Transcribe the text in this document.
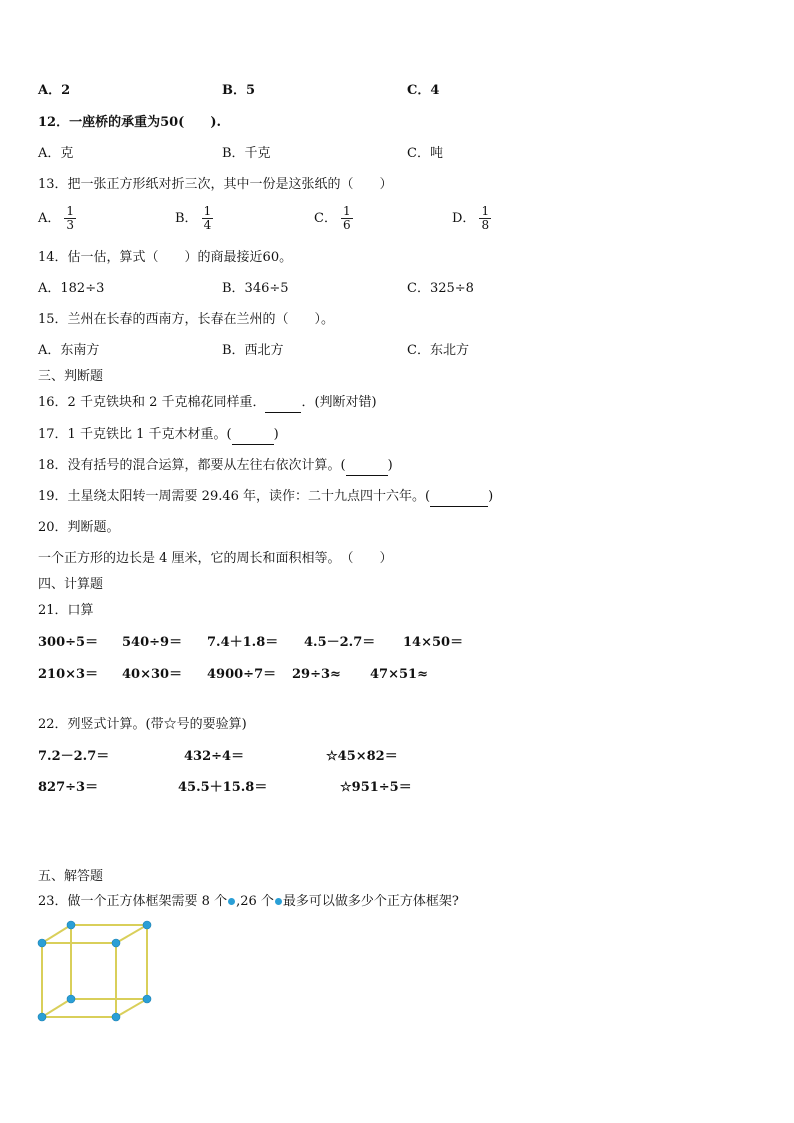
A．2	B．5	C．4
12．一座桥的承重为50(　　).
A．克	B．千克	C．吨
13．把一张正方形纸对折三次，其中一份是这张纸的（　　）
A． $\frac{1}{3}$	B． $\frac{1}{4}$	C． $\frac{1}{6}$	D． $\frac{1}{8}$
14．估一估，算式（　　）的商最接近60。
A．182÷3	B．346÷5	C．325÷8
15．兰州在长春的西南方，长春在兰州的（　　）。
A．东南方	B．西北方	C．东北方
三、判断题
16．2 千克铁块和 2 千克棉花同样重．	．(判断对错)
17．1 千克铁比 1 千克木材重。(	)
18．没有括号的混合运算，都要从左往右依次计算。(	)
19．土星绕太阳转一周需要 29.46 年，读作：二十九点四十六年。(	)
20．判断题。
一个正方形的边长是 4 厘米，它的周长和面积相等。　（　　）
四、计算题
21．口算
300÷5＝ 540÷9＝ 7.4＋1.8＝ 4.5－2.7＝ 14×50＝
210×3＝ 40×30＝ 4900÷7＝ 29÷3≈ 47×51≈
22．列竖式计算。(带☆号的要验算)
7.2－2.7＝	432÷4＝	☆45×82＝
827÷3＝	45.5＋15.8＝	☆951÷5＝
五、解答题
23．做一个正方体框架需要 8 个 ,26 个 最多可以做多少个正方体框架?
